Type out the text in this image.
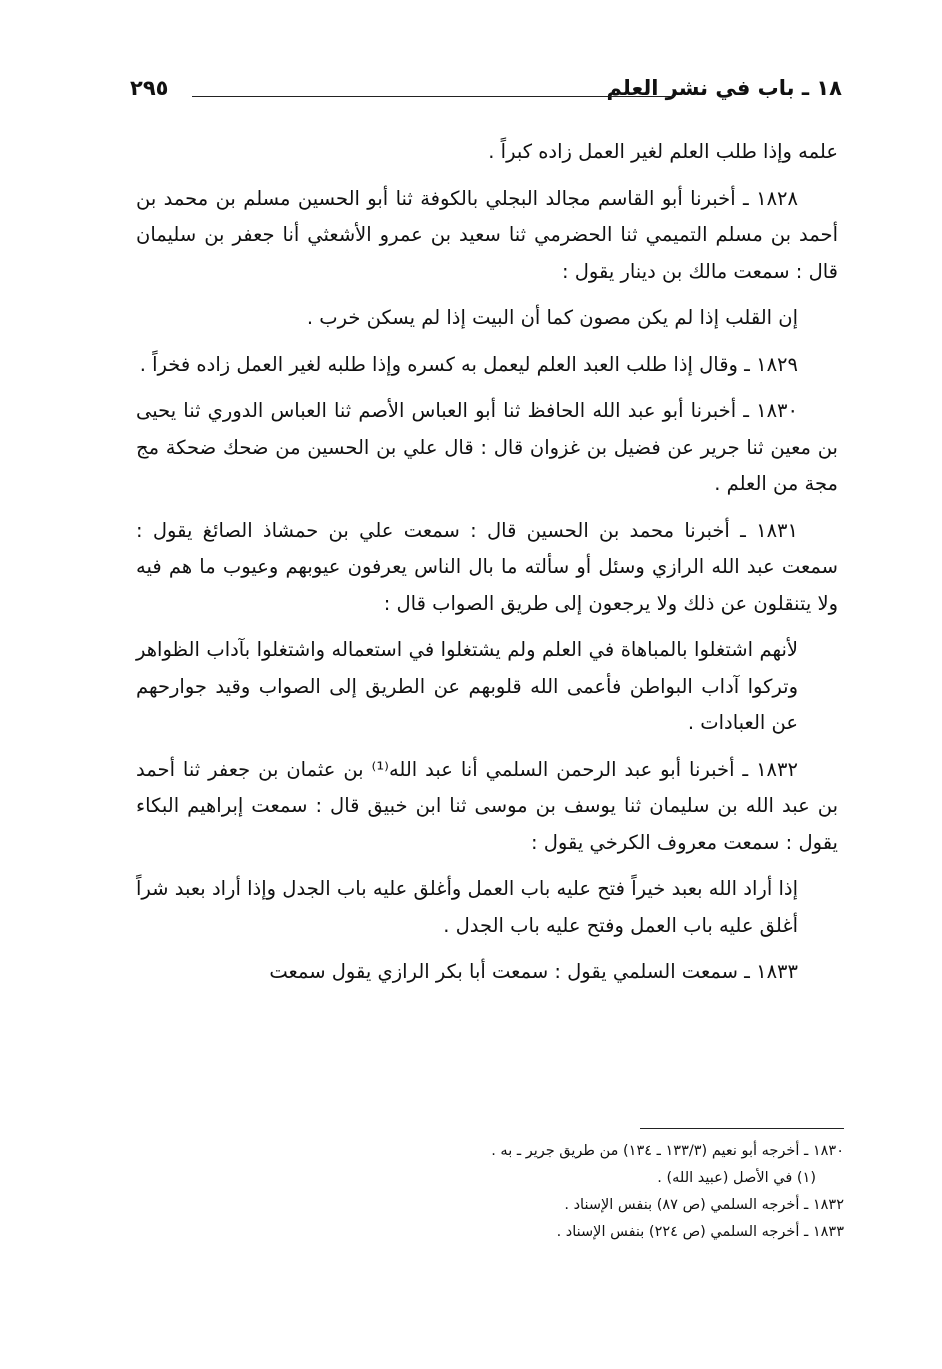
١٨ ـ باب في نشر العلم
٢٩٥

علمه وإذا طلب العلم لغير العمل زاده كبراً .

١٨٢٨ ـ أخبرنا أبو القاسم مجالد البجلي بالكوفة ثنا أبو الحسين مسلم بن محمد بن أحمد بن مسلم التميمي ثنا الحضرمي ثنا سعيد بن عمرو الأشعثي أنا جعفر بن سليمان قال : سمعت مالك بن دينار يقول :

إن القلب إذا لم يكن مصون كما أن البيت إذا لم يسكن خرب .

١٨٢٩ ـ وقال إذا طلب العبد العلم ليعمل به كسره وإذا طلبه لغير العمل زاده فخراً .

١٨٣٠ ـ أخبرنا أبو عبد الله الحافظ ثنا أبو العباس الأصم ثنا العباس الدوري ثنا يحيى بن معين ثنا جرير عن فضيل بن غزوان قال : قال علي بن الحسين من ضحك ضحكة مج مجة من العلم .

١٨٣١ ـ أخبرنا محمد بن الحسين قال : سمعت علي بن حمشاذ الصائغ يقول : سمعت عبد الله الرازي وسئل أو سألته ما بال الناس يعرفون عيوبهم وعيوب ما هم فيه ولا يتنقلون عن ذلك ولا يرجعون إلى طريق الصواب قال :

لأنهم اشتغلوا بالمباهاة في العلم ولم يشتغلوا في استعماله واشتغلوا بآداب الظواهر وتركوا آداب البواطن فأعمى الله قلوبهم عن الطريق إلى الصواب وقيد جوارحهم عن العبادات .

١٨٣٢ ـ أخبرنا أبو عبد الرحمن السلمي أنا عبد الله⁽¹⁾ بن عثمان بن جعفر ثنا أحمد بن عبد الله بن سليمان ثنا يوسف بن موسى ثنا ابن خبيق قال : سمعت إبراهيم البكاء يقول : سمعت معروف الكرخي يقول :

إذا أراد الله بعبد خيراً فتح عليه باب العمل وأغلق عليه باب الجدل وإذا أراد بعبد شراً أغلق عليه باب العمل وفتح عليه باب الجدل .

١٨٣٣ ـ سمعت السلمي يقول : سمعت أبا بكر الرازي يقول سمعت

١٨٣٠ ـ أخرجه أبو نعيم (١٣٣/٣ ـ ١٣٤) من طريق جرير ـ به .
(١) في الأصل (عبيد الله) .
١٨٣٢ ـ أخرجه السلمي (ص ٨٧) بنفس الإسناد .
١٨٣٣ ـ أخرجه السلمي (ص ٢٢٤) بنفس الإسناد .
